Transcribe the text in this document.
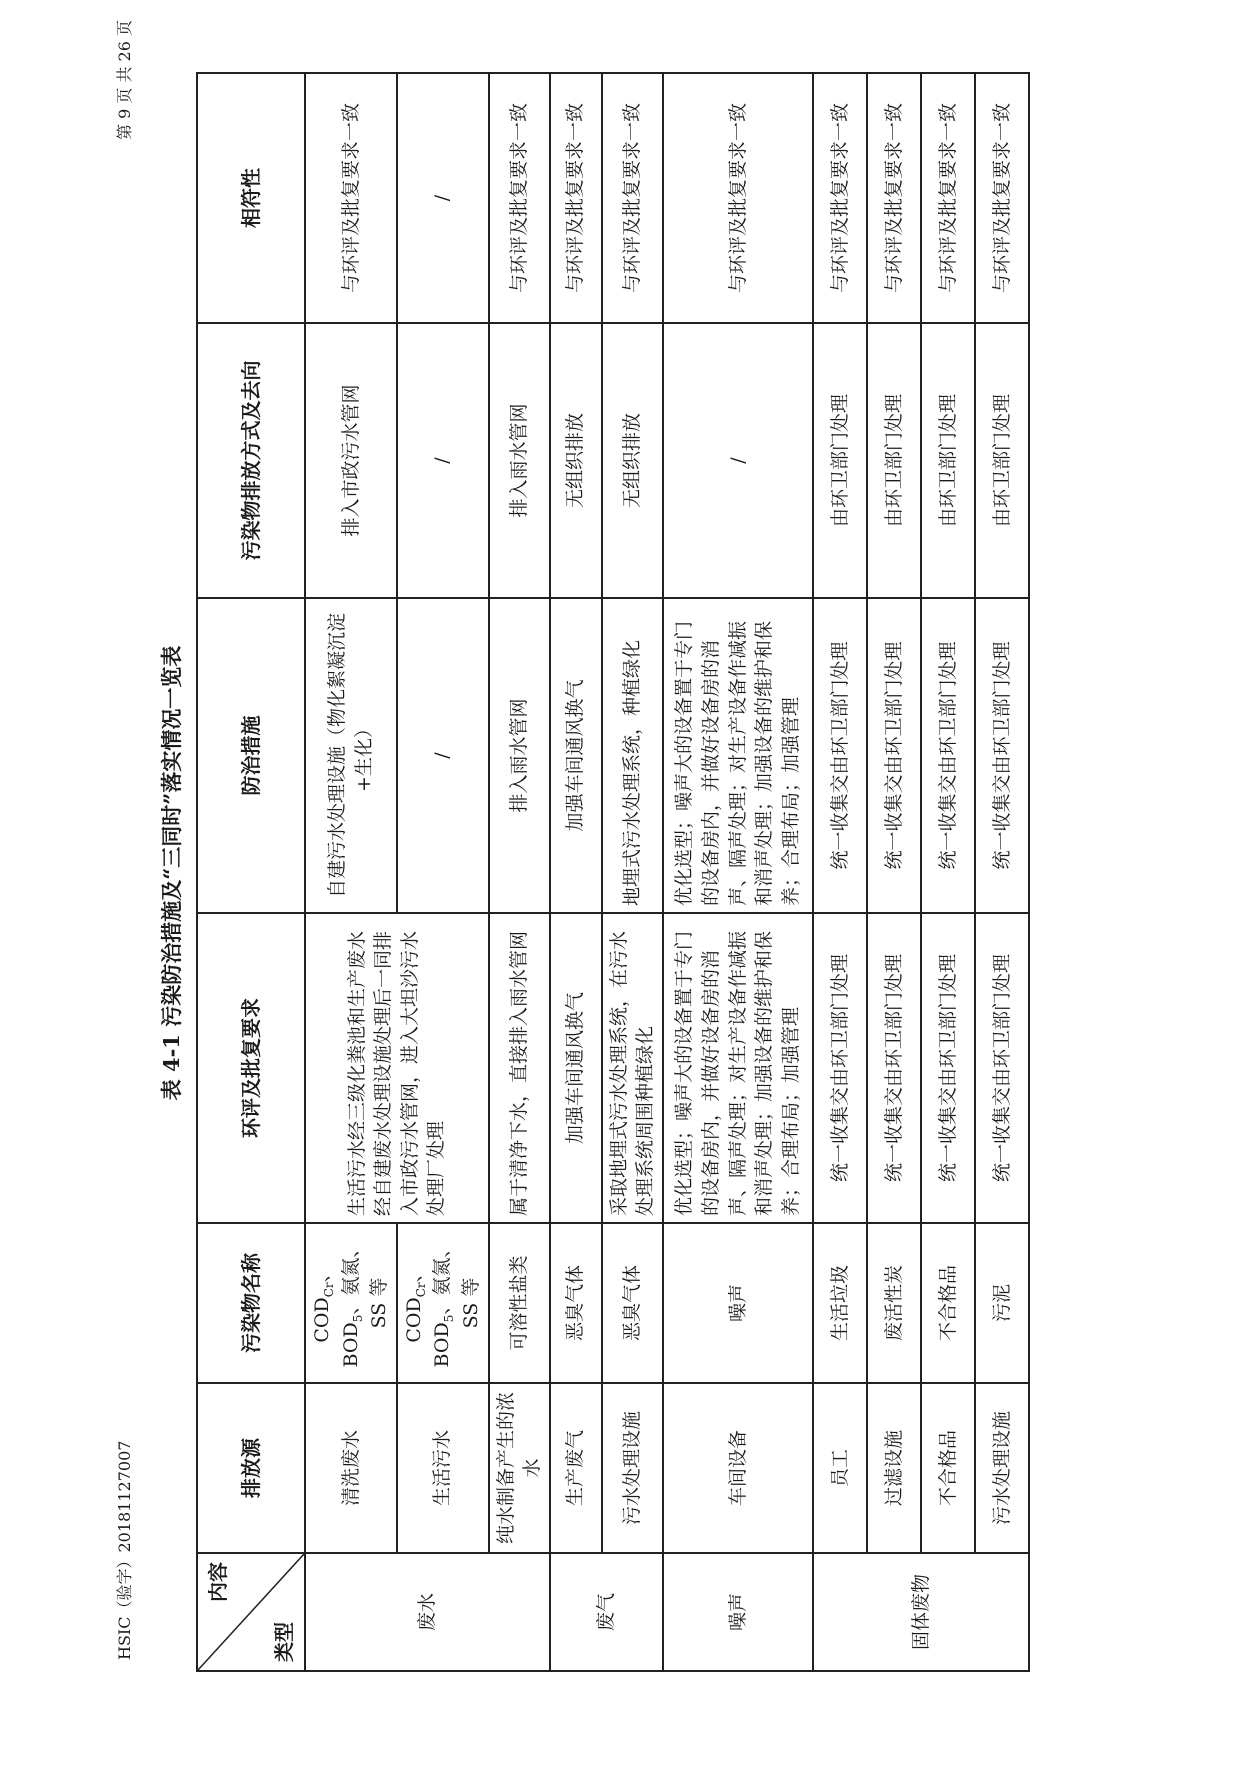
HSIC（验字）20181127007
第 9 页 共 26 页
表 4-1 污染防治措施及“三同时”落实情况一览表
内容
类型	排放源	污染物名称	环评及批复要求	防治措施	污染物排放方式及去向	相符性
废水	清洗废水	$COD_{Cr}$、$BOD_5$、氨氮、SS 等	生活污水经三级化粪池和生产废水经自建废水处理设施处理后一同排入市政污水管网，进入大坦沙污水处理厂处理	自建污水处理设施（物化絮凝沉淀+生化）	排入市政污水管网	与环评及批复要求一致
	生活污水	$COD_{Cr}$、$BOD_5$、氨氮、SS 等		/	/	/
	纯水制备产生的浓水	可溶性盐类	属于清净下水，直接排入雨水管网	排入雨水管网	排入雨水管网	与环评及批复要求一致
废气	生产废气	恶臭气体	加强车间通风换气	加强车间通风换气	无组织排放	与环评及批复要求一致
	污水处理设施	恶臭气体	采取地埋式污水处理系统，在污水处理系统周围种植绿化	地埋式污水处理系统，种植绿化	无组织排放	与环评及批复要求一致
噪声	车间设备	噪声	优化选型；噪声大的设备置于专门的设备房内，并做好设备房的消声、隔声处理；对生产设备作减振和消声处理；加强设备的维护和保养；合理布局；加强管理	优化选型；噪声大的设备置于专门的设备房内，并做好设备房的消声、隔声处理；对生产设备作减振和消声处理；加强设备的维护和保养；合理布局；加强管理	/	与环评及批复要求一致
固体废物	员工	生活垃圾	统一收集交由环卫部门处理	统一收集交由环卫部门处理	由环卫部门处理	与环评及批复要求一致
	过滤设施	废活性炭	统一收集交由环卫部门处理	统一收集交由环卫部门处理	由环卫部门处理	与环评及批复要求一致
	不合格品	不合格品	统一收集交由环卫部门处理	统一收集交由环卫部门处理	由环卫部门处理	与环评及批复要求一致
	污水处理设施	污泥	统一收集交由环卫部门处理	统一收集交由环卫部门处理	由环卫部门处理	与环评及批复要求一致
